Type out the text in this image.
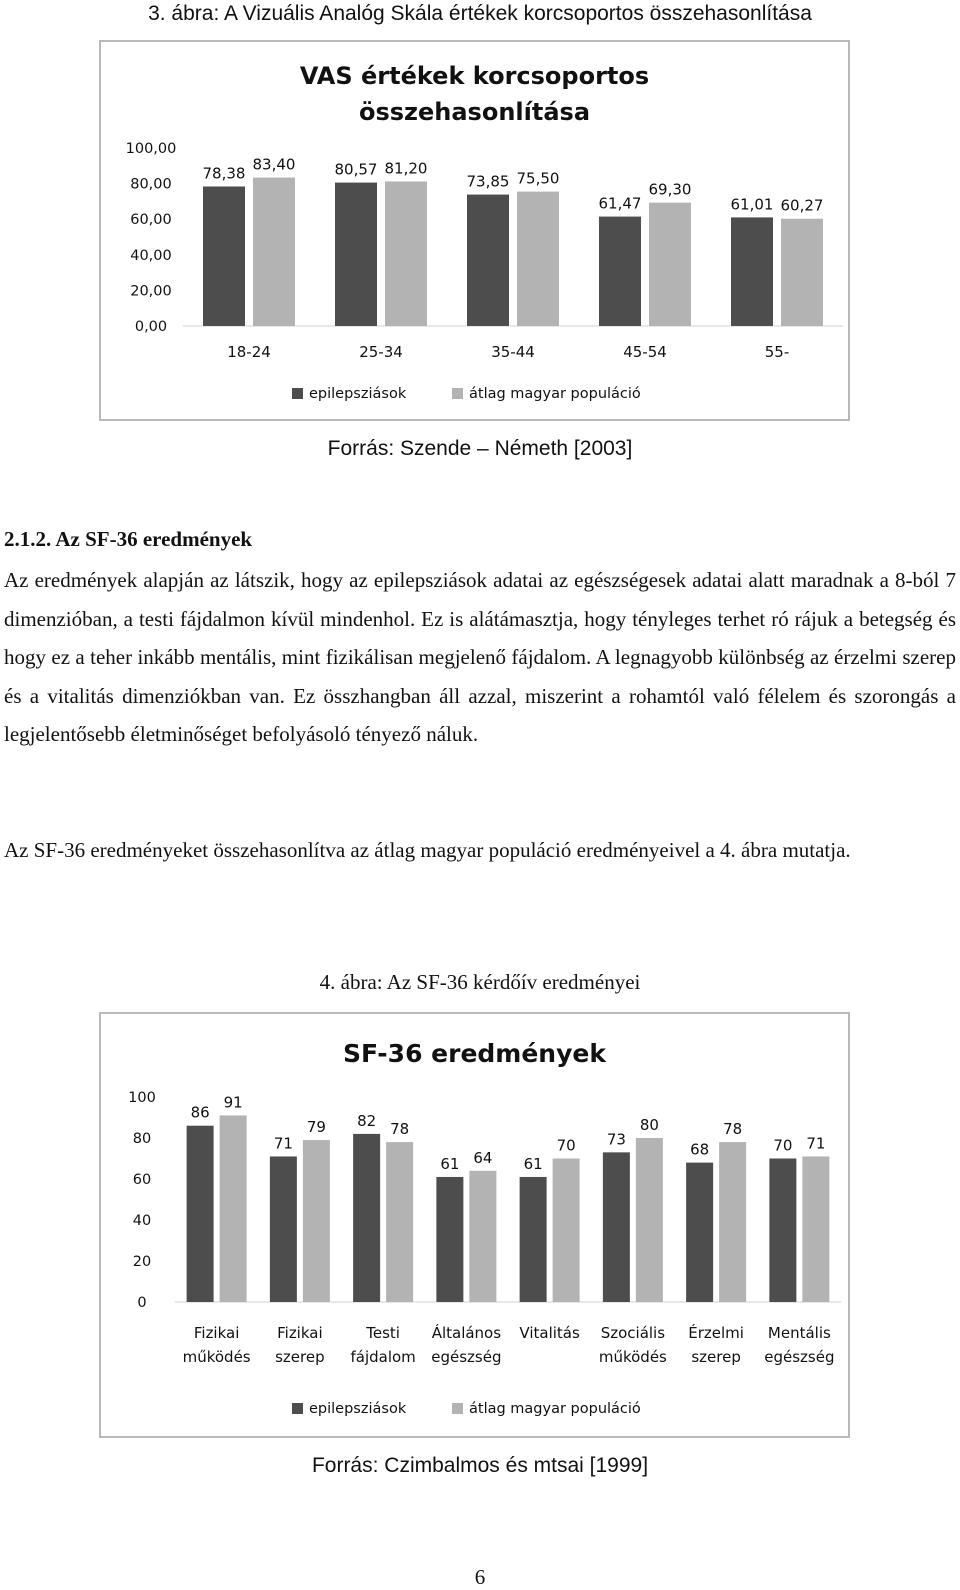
3. ábra: A Vizuális Analóg Skála értékek korcsoportos összehasonlítása
VAS értékek korcsoportos
összehasonlítása
0,00
20,00
40,00
60,00
80,00
100,00
78,38 83,40
18-24
80,57 81,20
25-34
73,85 75,50
35-44
61,47
69,30
45-54
61,01 60,27
55-
epilepsziások	átlag magyar populáció
Forrás: Szende – Németh [2003]
2.1.2. Az SF-36 eredmények
Az eredmények alapján az látszik, hogy az epilepsziások adatai az egészségesek adatai alatt maradnak a 8-ból 7 dimenzióban, a testi fájdalmon kívül mindenhol. Ez is alátámasztja, hogy tényleges terhet ró rájuk a betegség és hogy ez a teher inkább mentális, mint fizikálisan megjelenő fájdalom. A legnagyobb különbség az érzelmi szerep és a vitalitás dimenziókban van. Ez összhangban áll azzal, miszerint a rohamtól való félelem és szorongás a legjelentősebb életminőséget befolyásoló tényező náluk.
Az SF-36 eredményeket összehasonlítva az átlag magyar populáció eredményeivel a 4. ábra mutatja.
4. ábra: Az SF-36 kérdőív eredményei
SF-36 eredmények
0
20
40
60
80
100
86
91
Fizikai
működés
71
79
Fizikai
szerep
82 78
Testi
fájdalom
61 64
Általános
egészség
61
70
Vitalitás
73
80
Szociális
működés
68
78
Érzelmi
szerep
70 71
Mentális
egészség
epilepsziások	átlag magyar populáció
Forrás: Czimbalmos és mtsai [1999]
6
